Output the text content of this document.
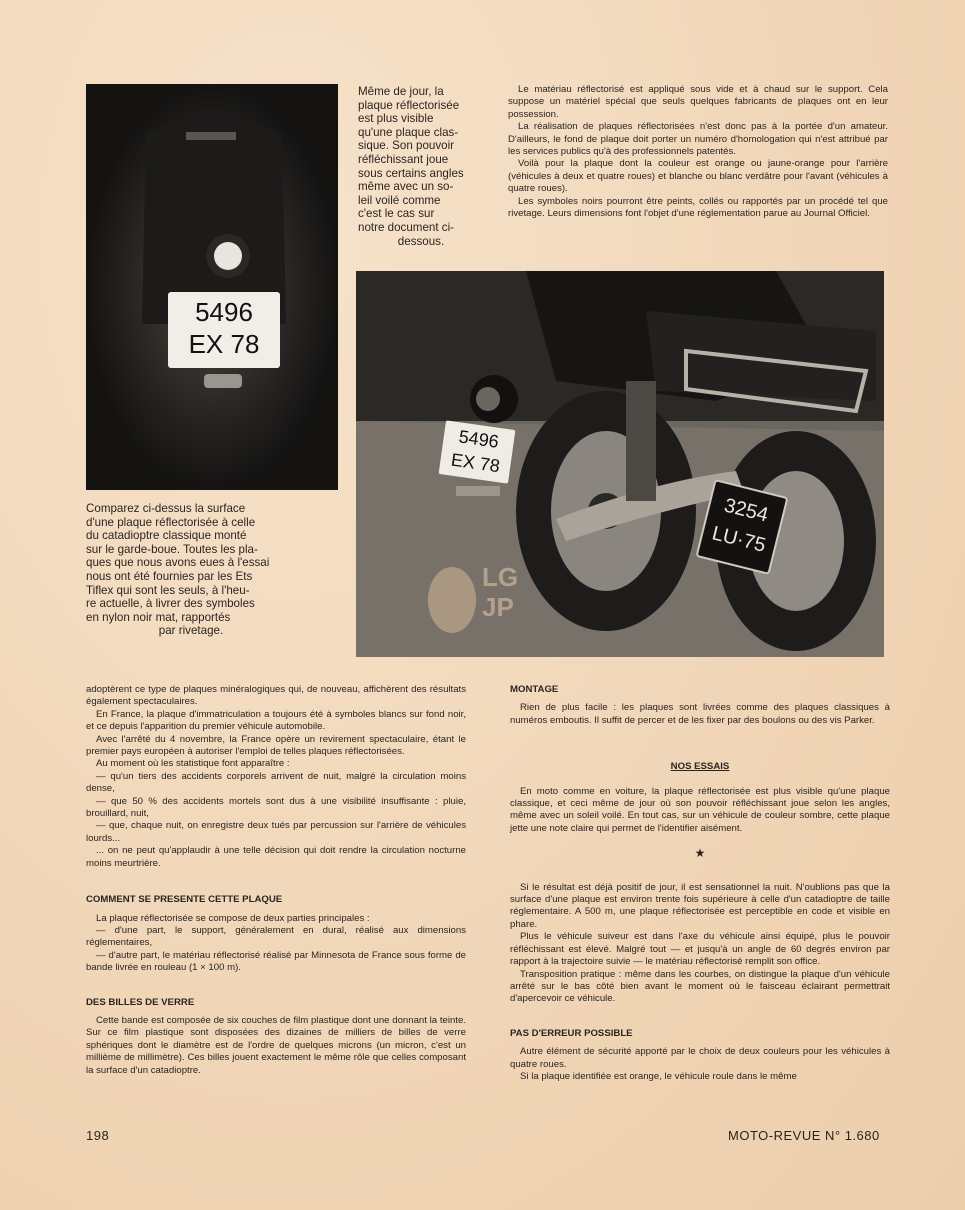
5496
EX 78
Même de jour, la
plaque réflectorisée
est plus visible
qu'une plaque clas-
sique. Son pouvoir
réfléchissant joue
sous certains angles
même avec un so-
leil voilé comme
c'est le cas sur
notre document ci-
dessous.

Le matériau réflectorisé est appliqué sous vide et à chaud sur le support. Cela suppose un matériel spécial que seuls quelques fabricants de plaques ont en leur possession.

La réalisation de plaques réflectorisées n'est donc pas à la portée d'un amateur. D'ailleurs, le fond de plaque doit porter un numéro d'homologation qui n'est attribué par les services publics qu'à des professionnels patentés.

Voilà pour la plaque dont la couleur est orange ou jaune-orange pour l'arrière (véhicules à deux et quatre roues) et blanche ou blanc verdâtre pour l'avant (véhicules à quatre roues).

Les symboles noirs pourront être peints, collés ou rapportés par un procédé tel que rivetage. Leurs dimensions font l'objet d'une réglementation parue au Journal Officiel.

5496
EX 78
3254
LU·75
LG
JP
Comparez ci-dessus la surface
d'une plaque réflectorisée à celle
du catadioptre classique monté
sur le garde-boue. Toutes les pla-
ques que nous avons eues à l'essai
nous ont été fournies par les Ets
Tiflex qui sont les seuls, à l'heu-
re actuelle, à livrer des symboles
en nylon noir mat, rapportés
par rivetage.

adoptèrent ce type de plaques minéralogiques qui, de nouveau, affichèrent des résultats également spectaculaires.

En France, la plaque d'immatriculation a toujours été à symboles blancs sur fond noir, et ce depuis l'apparition du premier véhicule automobile.

Avec l'arrêté du 4 novembre, la France opère un revirement spectaculaire, étant le premier pays européen à autoriser l'emploi de telles plaques réflectorisées.

Au moment où les statistique font apparaître :

— qu'un tiers des accidents corporels arrivent de nuit, malgré la circulation moins dense,

— que 50 % des accidents mortels sont dus à une visibilité insuffisante : pluie, brouillard, nuit,

— que, chaque nuit, on enregistre deux tués par percussion sur l'arrière de véhicules lourds...

... on ne peut qu'applaudir à une telle décision qui doit rendre la circulation nocturne moins meurtrière.

COMMENT SE PRESENTE CETTE PLAQUE

La plaque réflectorisée se compose de deux parties principales :

— d'une part, le support, généralement en dural, réalisé aux dimensions réglementaires,

— d'autre part, le matériau réflectorisé réalisé par Minnesota de France sous forme de bande livrée en rouleau (1 × 100 m).

DES BILLES DE VERRE

Cette bande est composée de six couches de film plastique dont une donnant la teinte. Sur ce film plastique sont disposées des dizaines de milliers de billes de verre sphériques dont le diamètre est de l'ordre de quelques microns (un micron, c'est un millième de millimètre). Ces billes jouent exactement le même rôle que celles composant la surface d'un catadioptre.

MONTAGE

Rien de plus facile : les plaques sont livrées comme des plaques classiques à numéros emboutis. Il suffit de percer et de les fixer par des boulons ou des vis Parker.

NOS ESSAIS

En moto comme en voiture, la plaque réflectorisée est plus visible qu'une plaque classique, et ceci même de jour où son pouvoir réfléchissant joue selon les angles, même avec un soleil voilé. En tout cas, sur un véhicule de couleur sombre, cette plaque jette une note claire qui permet de l'identifier aisément.

★

Si le résultat est déjà positif de jour, il est sensationnel la nuit. N'oublions pas que la surface d'une plaque est environ trente fois supérieure à celle d'un catadioptre de taille réglementaire. A 500 m, une plaque réflectorisée est perceptible en code et visible en phare.

Plus le véhicule suiveur est dans l'axe du véhicule ainsi équipé, plus le pouvoir réfléchissant est élevé. Malgré tout — et jusqu'à un angle de 60 degrés environ par rapport à la trajectoire suivie — le matériau réflectorisé remplit son office.

Transposition pratique : même dans les courbes, on distingue la plaque d'un véhicule arrêté sur le bas côté bien avant le moment où le faisceau éclairant permettrait d'apercevoir ce véhicule.

PAS D'ERREUR POSSIBLE

Autre élément de sécurité apporté par le choix de deux couleurs pour les véhicules à quatre roues.

Si la plaque identifiée est orange, le véhicule roule dans le même

198	MOTO-REVUE N° 1.680
